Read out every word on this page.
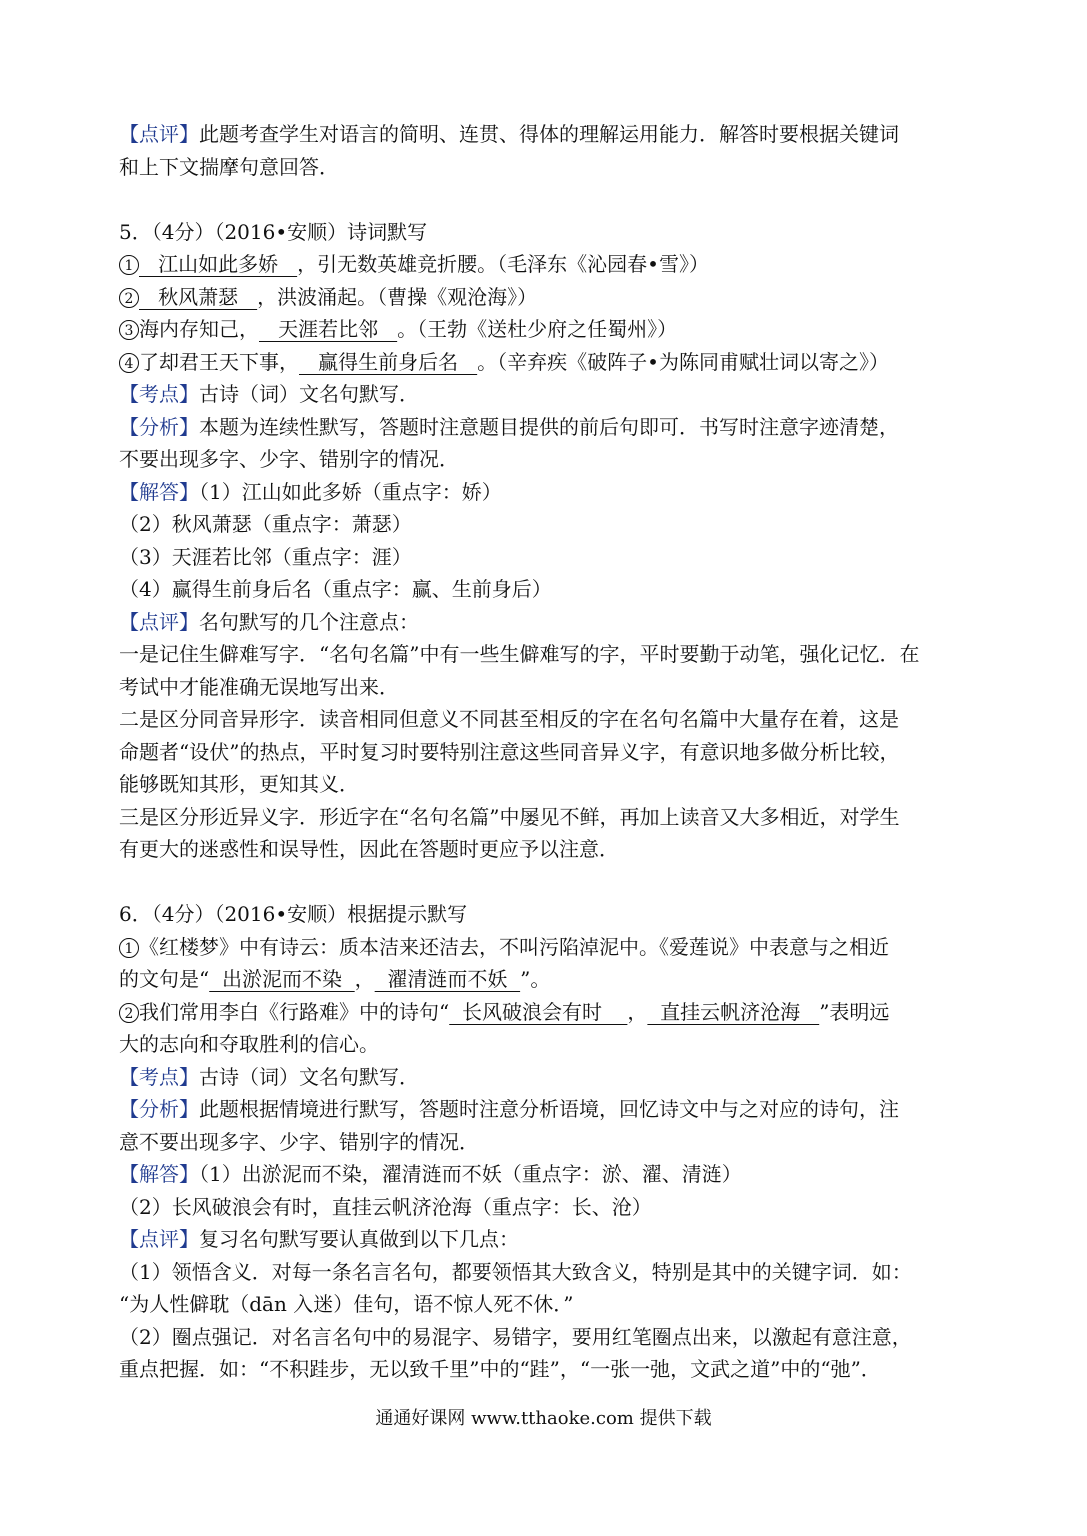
【点评】此题考查学生对语言的简明、连贯、得体的理解运用能力．解答时要根据关键词
和上下文揣摩句意回答．
5．（4分）（2016•安顺）诗词默写
1   江山如此多娇   ，引无数英雄竞折腰。（毛泽东《沁园春•雪》）
2   秋风萧瑟   ，洪波涌起。（曹操《观沧海》）
3 海内存知己，   天涯若比邻   。（王勃《送杜少府之任蜀州》）
4 了却君王天下事，   赢得生前身后名   。（辛弃疾《破阵子•为陈同甫赋壮词以寄之》）
【考点】古诗（词）文名句默写．
【分析】本题为连续性默写，答题时注意题目提供的前后句即可．书写时注意字迹清楚，
不要出现多字、少字、错别字的情况．
【解答】（1）江山如此多娇（重点字：娇）
（2）秋风萧瑟（重点字：萧瑟）
（3）天涯若比邻（重点字：涯）
（4）赢得生前身后名（重点字：赢、生前身后）
【点评】名句默写的几个注意点：
一是记住生僻难写字．“名句名篇”中有一些生僻难写的字，平时要勤于动笔，强化记忆．在
考试中才能准确无误地写出来．
二是区分同音异形字．读音相同但意义不同甚至相反的字在名句名篇中大量存在着，这是
命题者“设伏”的热点，平时复习时要特别注意这些同音异义字，有意识地多做分析比较，
能够既知其形，更知其义．
三是区分形近异义字．形近字在“名句名篇”中屡见不鲜，再加上读音又大多相近，对学生
有更大的迷惑性和误导性，因此在答题时更应予以注意．
6．（4分）（2016•安顺）根据提示默写
1 《红楼梦》中有诗云：质本洁来还洁去，不叫污陷淖泥中。《爱莲说》中表意与之相近
的文句是“  出淤泥而不染  ，  濯清涟而不妖  ”。
2 我们常用李白《行路难》中的诗句“  长风破浪会有时    ，  直挂云帆济沧海   ”表明远
大的志向和夺取胜利的信心。
【考点】古诗（词）文名句默写．
【分析】此题根据情境进行默写，答题时注意分析语境，回忆诗文中与之对应的诗句，注
意不要出现多字、少字、错别字的情况．
【解答】（1）出淤泥而不染，濯清涟而不妖（重点字：淤、濯、清涟）
（2）长风破浪会有时，直挂云帆济沧海（重点字：长、沧）
【点评】复习名句默写要认真做到以下几点：
（1）领悟含义．对每一条名言名句，都要领悟其大致含义，特别是其中的关键字词．如：
“为人性僻耽（dān 入迷）佳句，语不惊人死不休．”
（2）圈点强记．对名言名句中的易混字、易错字，要用红笔圈点出来，以激起有意注意，
重点把握．如：“不积跬步，无以致千里”中的“跬”，“一张一弛，文武之道”中的“弛”．
通通好课网 www.tthaoke.com 提供下载
